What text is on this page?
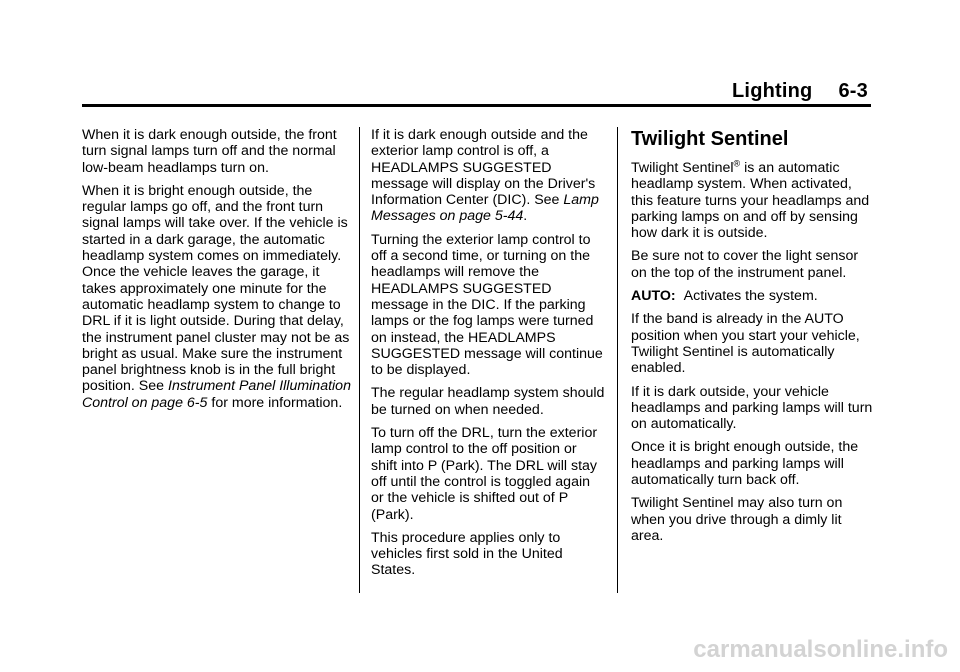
Lighting 6-3

When it is dark enough outside, the front turn signal lamps turn off and the normal low-beam headlamps turn on.

When it is bright enough outside, the regular lamps go off, and the front turn signal lamps will take over. If the vehicle is started in a dark garage, the automatic headlamp system comes on immediately. Once the vehicle leaves the garage, it takes approximately one minute for the automatic headlamp system to change to DRL if it is light outside. During that delay, the instrument panel cluster may not be as bright as usual. Make sure the instrument panel brightness knob is in the full bright position. See Instrument Panel Illumination Control on page 6-5 for more information.

If it is dark enough outside and the exterior lamp control is off, a HEADLAMPS SUGGESTED message will display on the Driver's Information Center (DIC). See Lamp Messages on page 5-44.

Turning the exterior lamp control to off a second time, or turning on the headlamps will remove the HEADLAMPS SUGGESTED message in the DIC. If the parking lamps or the fog lamps were turned on instead, the HEADLAMPS SUGGESTED message will continue to be displayed.

The regular headlamp system should be turned on when needed.

To turn off the DRL, turn the exterior lamp control to the off position or shift into P (Park). The DRL will stay off until the control is toggled again or the vehicle is shifted out of P (Park).

This procedure applies only to vehicles first sold in the United States.

Twilight Sentinel

Twilight Sentinel® is an automatic headlamp system. When activated, this feature turns your headlamps and parking lamps on and off by sensing how dark it is outside.

Be sure not to cover the light sensor on the top of the instrument panel.

AUTO: Activates the system.

If the band is already in the AUTO position when you start your vehicle, Twilight Sentinel is automatically enabled.

If it is dark outside, your vehicle headlamps and parking lamps will turn on automatically.

Once it is bright enough outside, the headlamps and parking lamps will automatically turn back off.

Twilight Sentinel may also turn on when you drive through a dimly lit area.

carmanualsonline.info
